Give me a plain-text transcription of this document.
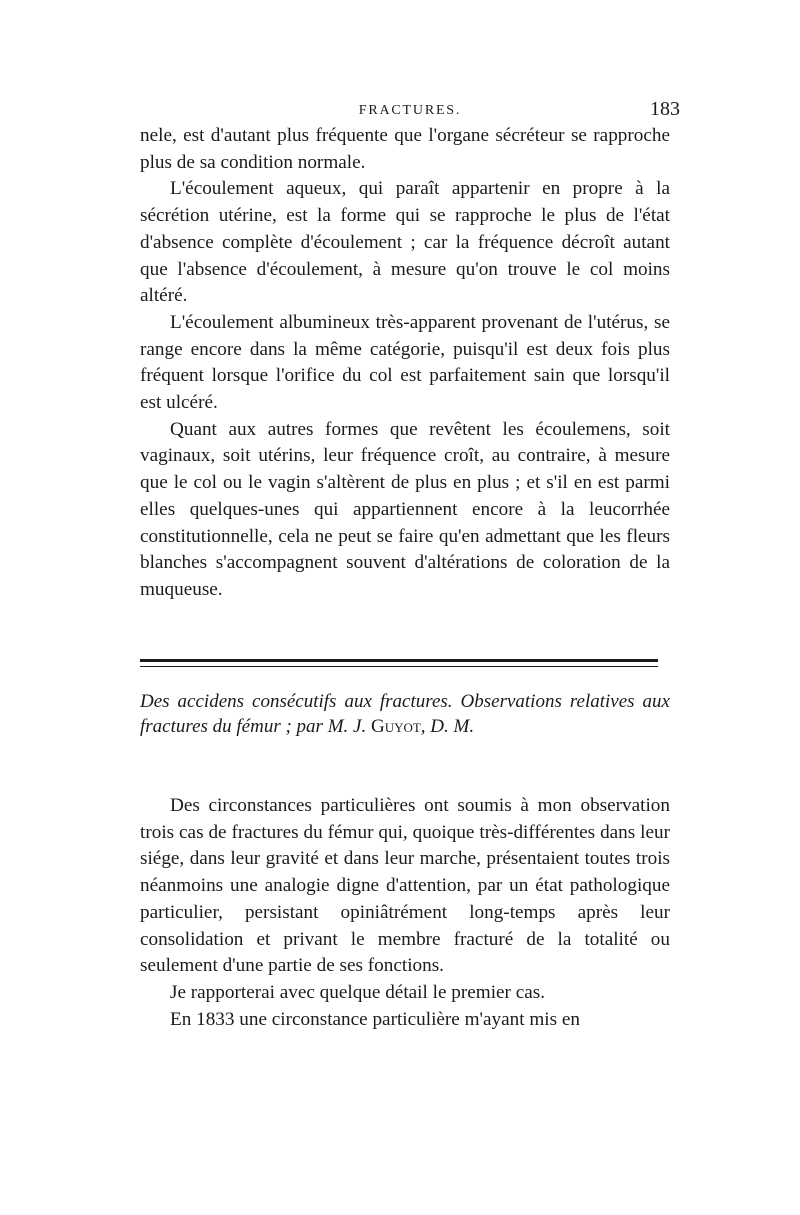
FRACTURES.	183

nele, est d'autant plus fréquente que l'organe sécréteur se rapproche plus de sa condition normale.

L'écoulement aqueux, qui paraît appartenir en propre à la sécrétion utérine, est la forme qui se rapproche le plus de l'état d'absence complète d'écoulement ; car la fréquence décroît autant que l'absence d'écoulement, à mesure qu'on trouve le col moins altéré.

L'écoulement albumineux très-apparent provenant de l'utérus, se range encore dans la même catégorie, puisqu'il est deux fois plus fréquent lorsque l'orifice du col est parfaitement sain que lorsqu'il est ulcéré.

Quant aux autres formes que revêtent les écoulemens, soit vaginaux, soit utérins, leur fréquence croît, au contraire, à mesure que le col ou le vagin s'altèrent de plus en plus ; et s'il en est parmi elles quelques-unes qui appartiennent encore à la leucorrhée constitutionnelle, cela ne peut se faire qu'en admettant que les fleurs blanches s'accompagnent souvent d'altérations de coloration de la muqueuse.

Des accidens consécutifs aux fractures. Observations relatives aux fractures du fémur ; par M. J. Guyot, D. M.

Des circonstances particulières ont soumis à mon observation trois cas de fractures du fémur qui, quoique très-différentes dans leur siége, dans leur gravité et dans leur marche, présentaient toutes trois néanmoins une analogie digne d'attention, par un état pathologique particulier, persistant opiniâtrément long-temps après leur consolidation et privant le membre fracturé de la totalité ou seulement d'une partie de ses fonctions.

Je rapporterai avec quelque détail le premier cas.

En 1833 une circonstance particulière m'ayant mis en
